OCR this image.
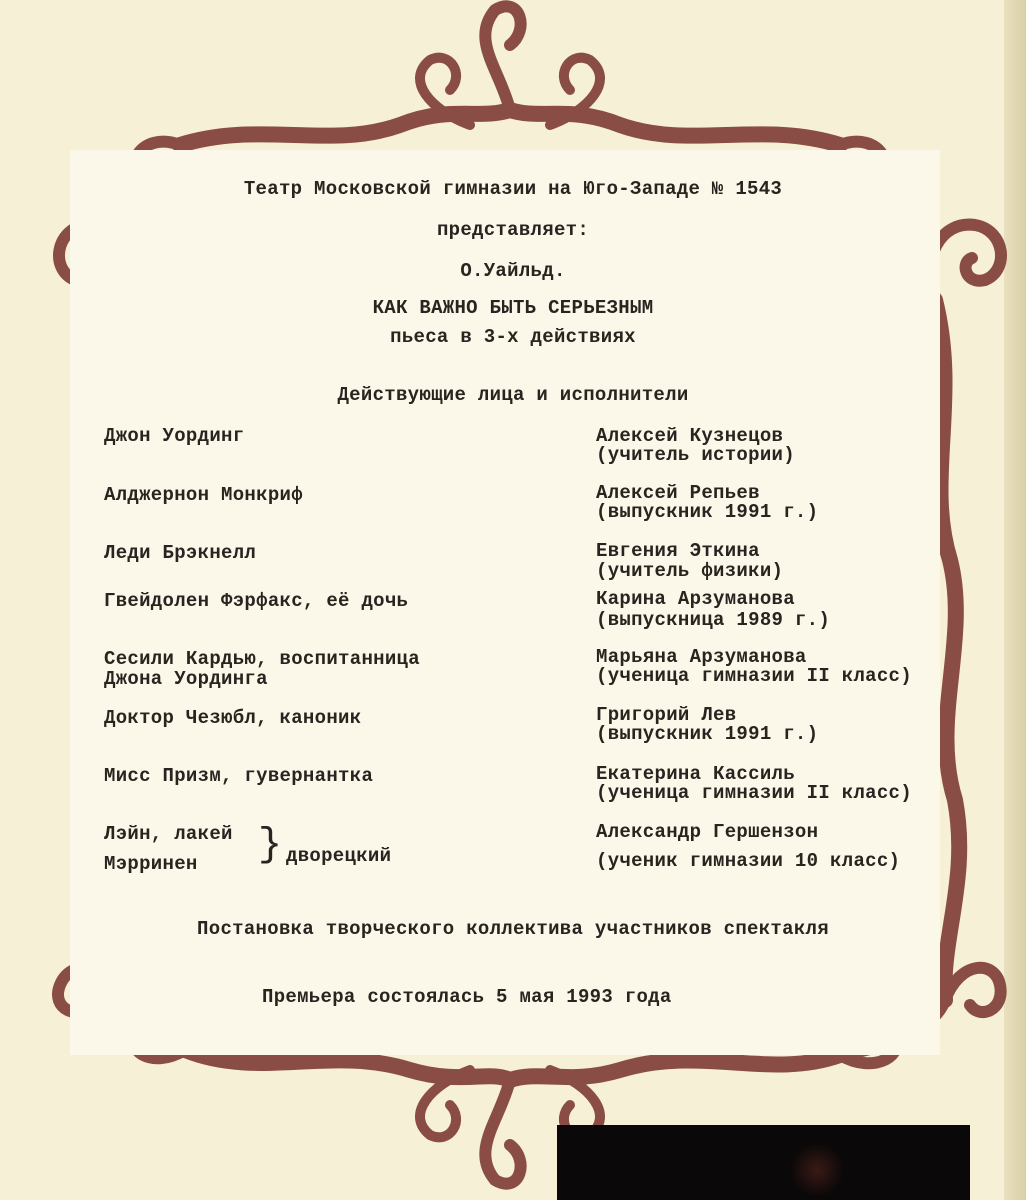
Театр Московской гимназии на Юго-Западе № 1543
представляет:
О.Уайльд.
КАК ВАЖНО БЫТЬ СЕРЬЕЗНЫМ
пьеса в 3-х действиях
Действующие лица и исполнители
Джон Уординг
Алджернон Монкриф
Леди Брэкнелл
Гвейдолен Фэрфакс, её дочь
Сесили Кардью, воспитанница
Джона Уординга
Доктор Чезюбл, каноник
Мисс Призм, гувернантка
Лэйн, лакей
Мэрринен } дворецкий
Алексей Кузнецов
(учитель истории)
Алексей Репьев
(выпускник 1991 г.)
Евгения Эткина
(учитель физики)
Карина Арзуманова
(выпускница 1989 г.)
Марьяна Арзуманова
(ученица гимназии II класс)
Григорий Лев
(выпускник 1991 г.)
Екатерина Кассиль
(ученица гимназии II класс)
Александр Гершензон
(ученик гимназии 10 класс)
Постановка творческого коллектива участников спектакля
Премьера состоялась 5 мая 1993 года
